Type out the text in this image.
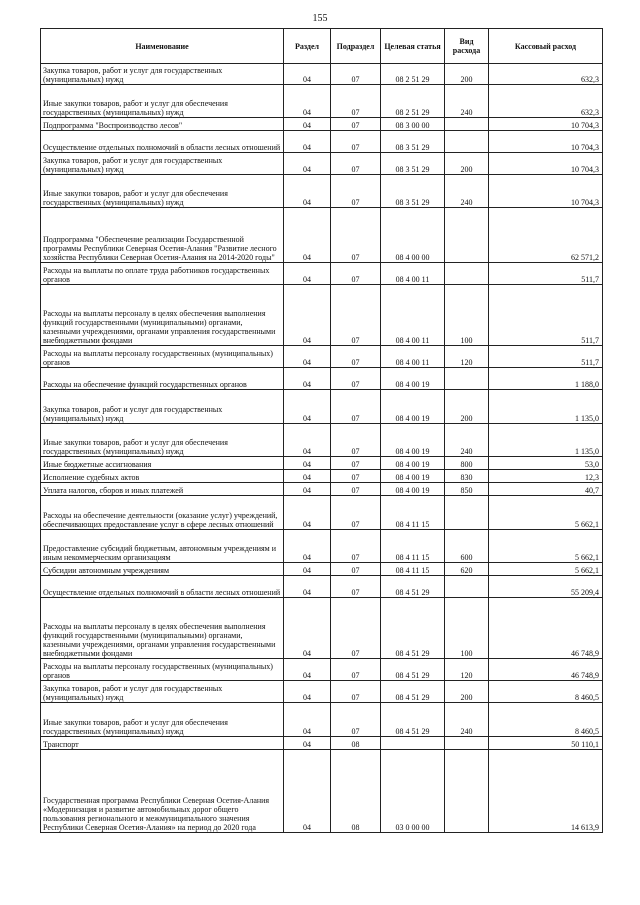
155
Наименование	Раздел	Подраздел	Целевая статья	Вид расхода	Кассовый расход
Закупка товаров, работ и услуг для государственных (муниципальных) нужд	04	07	08 2 51 29	200	632,3
Иные закупки товаров, работ и услуг для обеспечения государственных (муниципальных) нужд	04	07	08 2 51 29	240	632,3
Подпрограмма "Воспроизводство лесов"	04	07	08 3 00 00		10 704,3
Осуществление отдельных полномочий в области лесных отношений	04	07	08 3 51 29		10 704,3
Закупка товаров, работ и услуг для государственных (муниципальных) нужд	04	07	08 3 51 29	200	10 704,3
Иные закупки товаров, работ и услуг для обеспечения государственных (муниципальных) нужд	04	07	08 3 51 29	240	10 704,3
Подпрограмма "Обеспечение реализации Государственной программы Республики Северная Осетия-Алания "Развитие лесного хозяйства Республики Северная Осетия-Алания на 2014-2020 годы"	04	07	08 4 00 00		62 571,2
Расходы на выплаты по оплате труда работников государственных органов	04	07	08 4 00 11		511,7
Расходы на выплаты персоналу в целях обеспечения выполнения функций государственными (муниципальными) органами, казенными учреждениями, органами управления государственными внебюджетными фондами	04	07	08 4 00 11	100	511,7
Расходы на выплаты персоналу государственных (муниципальных) органов	04	07	08 4 00 11	120	511,7
Расходы на обеспечение функций государственных органов	04	07	08 4 00 19		1 188,0
Закупка товаров, работ и услуг для государственных (муниципальных) нужд	04	07	08 4 00 19	200	1 135,0
Иные закупки товаров, работ и услуг для обеспечения государственных (муниципальных) нужд	04	07	08 4 00 19	240	1 135,0
Иные бюджетные ассигнования	04	07	08 4 00 19	800	53,0
Исполнение судебных актов	04	07	08 4 00 19	830	12,3
Уплата налогов, сборов и иных платежей	04	07	08 4 00 19	850	40,7
Расходы на обеспечение деятельности (оказание услуг) учреждений, обеспечивающих предоставление услуг в сфере лесных отношений	04	07	08 4 11 15		5 662,1
Предоставление субсидий бюджетным, автономным учреждениям и иным некоммерческим организациям	04	07	08 4 11 15	600	5 662,1
Субсидии автономным учреждениям	04	07	08 4 11 15	620	5 662,1
Осуществление отдельных полномочий в области лесных отношений	04	07	08 4 51 29		55 209,4
Расходы на выплаты персоналу в целях обеспечения выполнения функций государственными (муниципальными) органами, казенными учреждениями, органами управления государственными внебюджетными фондами	04	07	08 4 51 29	100	46 748,9
Расходы на выплаты персоналу государственных (муниципальных) органов	04	07	08 4 51 29	120	46 748,9
Закупка товаров, работ и услуг для государственных (муниципальных) нужд	04	07	08 4 51 29	200	8 460,5
Иные закупки товаров, работ и услуг для обеспечения государственных (муниципальных) нужд	04	07	08 4 51 29	240	8 460,5
Транспорт	04	08			50 110,1
Государственная программа Республики Северная Осетия-Алания «Модернизация и развитие автомобильных дорог общего пользования регионального и межмуниципального значения Республики Северная Осетия-Алания» на период до 2020 года	04	08	03 0 00 00		14 613,9
